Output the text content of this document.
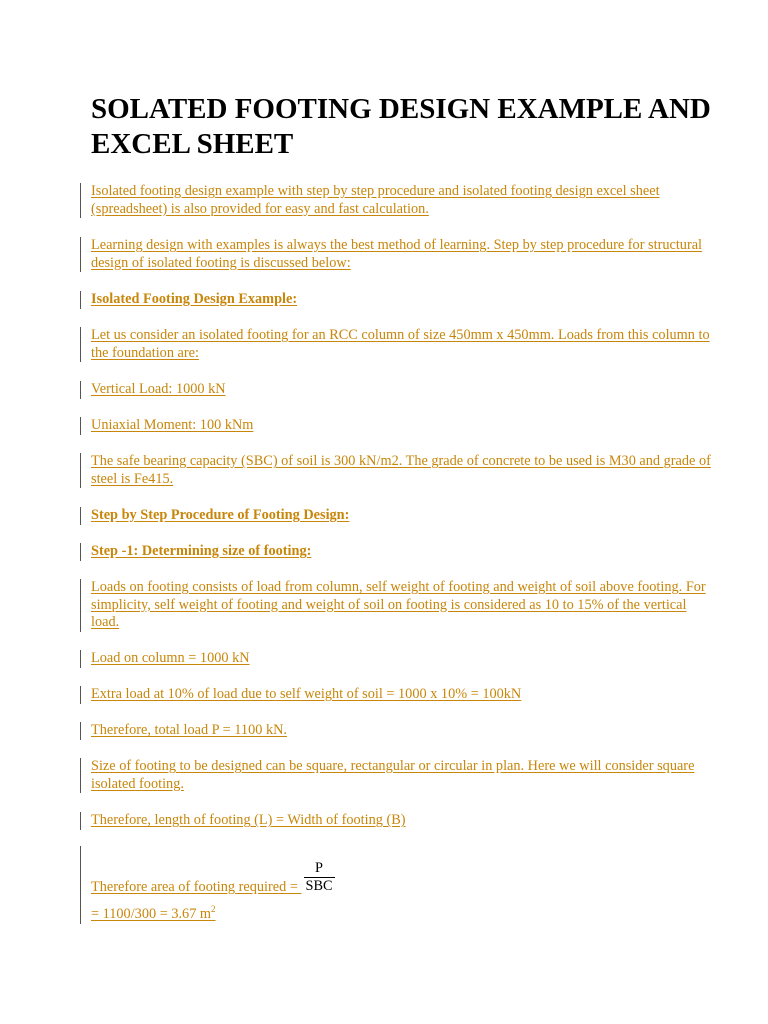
SOLATED FOOTING DESIGN EXAMPLE AND EXCEL SHEET

Isolated footing design example with step by step procedure and isolated footing design excel sheet (spreadsheet) is also provided for easy and fast calculation.

Learning design with examples is always the best method of learning. Step by step procedure for structural design of isolated footing is discussed below:

Isolated Footing Design Example:

Let us consider an isolated footing for an RCC column of size 450mm x 450mm. Loads from this column to the foundation are:

Vertical Load: 1000 kN

Uniaxial Moment: 100 kNm

The safe bearing capacity (SBC) of soil is 300 kN/m2. The grade of concrete to be used is M30 and grade of steel is Fe415.

Step by Step Procedure of Footing Design:

Step -1: Determining size of footing:

Loads on footing consists of load from column, self weight of footing and weight of soil above footing. For simplicity, self weight of footing and weight of soil on footing is considered as 10 to 15% of the vertical load.

Load on column = 1000 kN

Extra load at 10% of load due to self weight of soil = 1000 x 10% = 100kN

Therefore, total load P = 1100 kN.

Size of footing to be designed can be square, rectangular or circular in plan. Here we will consider square isolated footing.

Therefore, length of footing (L) = Width of footing (B)

Therefore area of footing required = $\frac{P}{\text{SBC}}$

= 1100/300 = 3.67 $m^2$
